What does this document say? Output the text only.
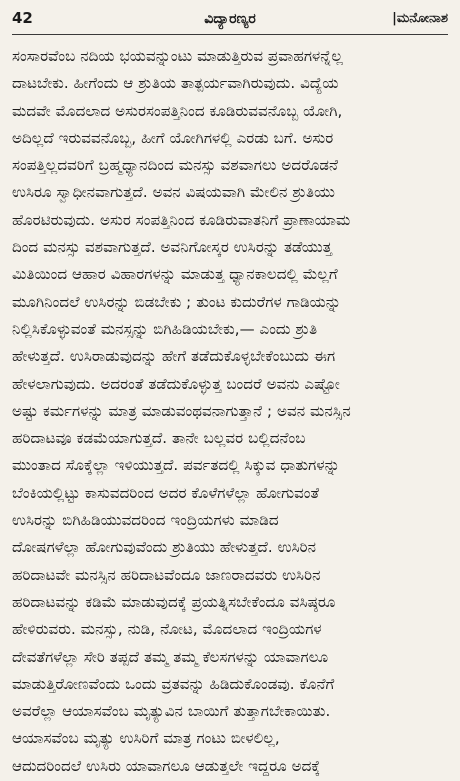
42	ವಿದ್ಯಾರಣ್ಯರ	|ಮನೋನಾಶ
ಸಂಸಾರವೆಂಬ ನದಿಯ ಭಯವನ್ನುಂಟು ಮಾಡುತ್ತಿರುವ ಪ್ರವಾಹಗಳನ್ನೆಲ್ಲ
ದಾಟಬೇಕು. ಹೀಗೆಂದು ಆ ಶ್ರುತಿಯ ತಾತ್ಪರ್ಯವಾಗಿರುವುದು. ವಿದ್ಯೆಯ
ಮದವೇ ಮೊದಲಾದ ಅಸುರಸಂಪತ್ತಿನಿಂದ ಕೂಡಿರುವವನೊಬ್ಬ ಯೋಗಿ,
ಅದಿಲ್ಲದೆ ಇರುವವನೊಬ್ಬ, ಹೀಗೆ ಯೋಗಿಗಳಲ್ಲಿ ಎರಡು ಬಗೆ. ಅಸುರ
ಸಂಪತ್ತಿಲ್ಲದವರಿಗೆ ಬ್ರಹ್ಮಧ್ಯಾನದಿಂದ ಮನಸ್ಸು ವಶವಾಗಲು ಅದರೊಡನೆ
ಉಸಿರೂ ಸ್ವಾಧೀನವಾಗುತ್ತದೆ. ಅವನ ವಿಷಯವಾಗಿ ಮೇಲಿನ ಶ್ರುತಿಯು
ಹೊರಟಿರುವುದು. ಅಸುರ ಸಂಪತ್ತಿನಿಂದ ಕೂಡಿರುವಾತನಿಗೆ ಪ್ರಾಣಾಯಾಮ
ದಿಂದ ಮನಸ್ಸು ವಶವಾಗುತ್ತದೆ. ಅವನಿಗೋಸ್ಕರ ಉಸಿರನ್ನು ತಡೆಯುತ್ತ
ಮಿತಿಯಿಂದ ಆಹಾರ ವಿಹಾರಗಳನ್ನು ಮಾಡುತ್ತ ಧ್ಯಾನಕಾಲದಲ್ಲಿ ಮೆಲ್ಲಗೆ
ಮೂಗಿನಿಂದಲೆ ಉಸಿರನ್ನು ಬಿಡಬೇಕು ; ತುಂಟ ಕುದುರೆಗಳ ಗಾಡಿಯನ್ನು
ನಿಲ್ಲಿಸಿಕೊಳ್ಳುವಂತೆ ಮನಸ್ಸನ್ನು ಬಿಗಿಹಿಡಿಯಬೇಕು,— ಎಂದು ಶ್ರುತಿ
ಹೇಳುತ್ತದೆ. ಉಸಿರಾಡುವುದನ್ನು ಹೇಗೆ ತಡೆದುಕೊಳ್ಳಬೇಕೆಂಬುದು ಈಗ
ಹೇಳಲಾಗುವುದು. ಅದರಂತೆ ತಡೆದುಕೊಳ್ಳುತ್ತ ಬಂದರೆ ಅವನು ಎಷ್ಟೋ
ಅಷ್ಟು ಕರ್ಮಗಳನ್ನು ಮಾತ್ರ ಮಾಡುವಂಥವನಾಗುತ್ತಾನೆ ; ಅವನ ಮನಸ್ಸಿನ
ಹರಿದಾಟವೂ ಕಡಮೆಯಾಗುತ್ತದೆ. ತಾನೇ ಬಲ್ಲವರ ಬಲ್ಲಿದನೆಂಬ
ಮುಂತಾದ ಸೊಕ್ಕೆಲ್ಲಾ ಇಳಿಯುತ್ತದೆ. ಪರ್ವತದಲ್ಲಿ ಸಿಕ್ಕುವ ಧಾತುಗಳನ್ನು
ಬೆಂಕಿಯಲ್ಲಿಟ್ಟು ಕಾಸುವದರಿಂದ ಅದರ ಕೊಳೆಗಳೆಲ್ಲಾ ಹೋಗುವಂತೆ
ಉಸಿರನ್ನು ಬಿಗಿಹಿಡಿಯುವದರಿಂದ ಇಂದ್ರಿಯಗಳು ಮಾಡಿದ
ದೋಷಗಳೆಲ್ಲಾ ಹೋಗುವುವೆಂದು ಶ್ರುತಿಯು ಹೇಳುತ್ತದೆ. ಉಸಿರಿನ
ಹರಿದಾಟವೇ ಮನಸ್ಸಿನ ಹರಿದಾಟವೆಂದೂ ಜಾಣರಾದವರು ಉಸಿರಿನ
ಹರಿದಾಟವನ್ನು ಕಡಿಮೆ ಮಾಡುವುದಕ್ಕೆ ಪ್ರಯತ್ನಿಸಬೇಕೆಂದೂ ವಸಿಷ್ಠರೂ
ಹೇಳಿರುವರು. ಮನಸ್ಸು, ನುಡಿ, ನೋಟ, ಮೊದಲಾದ ಇಂದ್ರಿಯಗಳ
ದೇವತೆಗಳೆಲ್ಲಾ ಸೇರಿ ತಪ್ಪದೆ ತಮ್ಮ ತಮ್ಮ ಕೆಲಸಗಳನ್ನು ಯಾವಾಗಲೂ
ಮಾಡುತ್ತಿರೋಣವೆಂದು ಒಂದು ವ್ರತವನ್ನು ಹಿಡಿದುಕೊಂಡವು. ಕೊನೆಗೆ
ಅವರೆಲ್ಲಾ ಆಯಾಸವೆಂಬ ಮೃತ್ಯುವಿನ ಬಾಯಿಗೆ ತುತ್ತಾಗಬೇಕಾಯಿತು.
ಆಯಾಸವೆಂಬ ಮೃತ್ಯು ಉಸಿರಿಗೆ ಮಾತ್ರ ಗಂಟು ಬೀಳಲಿಲ್ಲ,
ಆದುದರಿಂದಲೆ ಉಸಿರು ಯಾವಾಗಲೂ ಆಡುತ್ತಲೇ ಇದ್ದರೂ ಅದಕ್ಕೆ
